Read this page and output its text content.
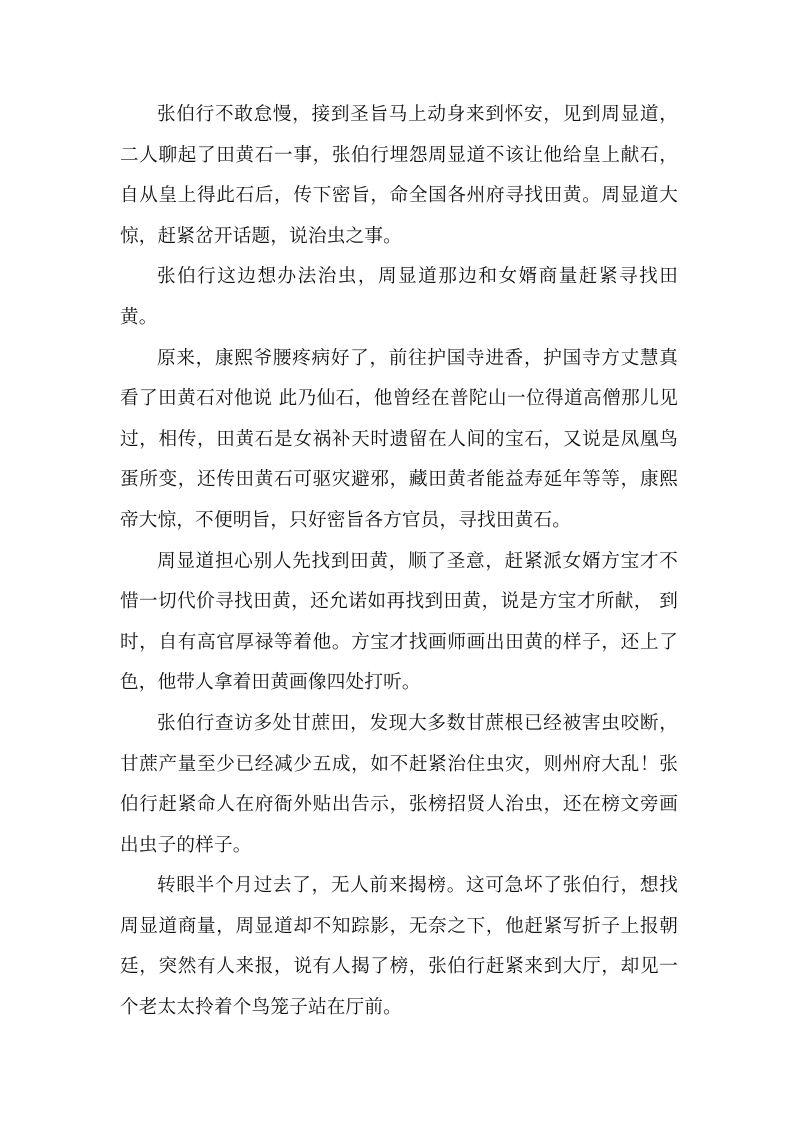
张伯行不敢怠慢，接到圣旨马上动身来到怀安，见到周显道，二人聊起了田黄石一事，张伯行埋怨周显道不该让他给皇上献石，自从皇上得此石后，传下密旨，命全国各州府寻找田黄。周显道大惊，赶紧岔开话题，说治虫之事。

张伯行这边想办法治虫，周显道那边和女婿商量赶紧寻找田黄。

原来，康熙爷腰疼病好了，前往护国寺进香，护国寺方丈慧真看了田黄石对他说 此乃仙石，他曾经在普陀山一位得道高僧那儿见过，相传，田黄石是女祸补天时遗留在人间的宝石，又说是凤凰鸟蛋所变，还传田黄石可驱灾避邪，藏田黄者能益寿延年等等，康熙帝大惊，不便明旨，只好密旨各方官员，寻找田黄石。

周显道担心别人先找到田黄，顺了圣意，赶紧派女婿方宝才不惜一切代价寻找田黄，还允诺如再找到田黄，说是方宝才所献， 到时，自有高官厚禄等着他。方宝才找画师画出田黄的样子，还上了色，他带人拿着田黄画像四处打听。

张伯行查访多处甘蔗田，发现大多数甘蔗根已经被害虫咬断，甘蔗产量至少已经减少五成，如不赶紧治住虫灾，则州府大乱！张伯行赶紧命人在府衙外贴出告示，张榜招贤人治虫，还在榜文旁画出虫子的样子。

转眼半个月过去了，无人前来揭榜。这可急坏了张伯行，想找周显道商量，周显道却不知踪影，无奈之下，他赶紧写折子上报朝廷，突然有人来报，说有人揭了榜，张伯行赶紧来到大厅，却见一个老太太拎着个鸟笼子站在厅前。
